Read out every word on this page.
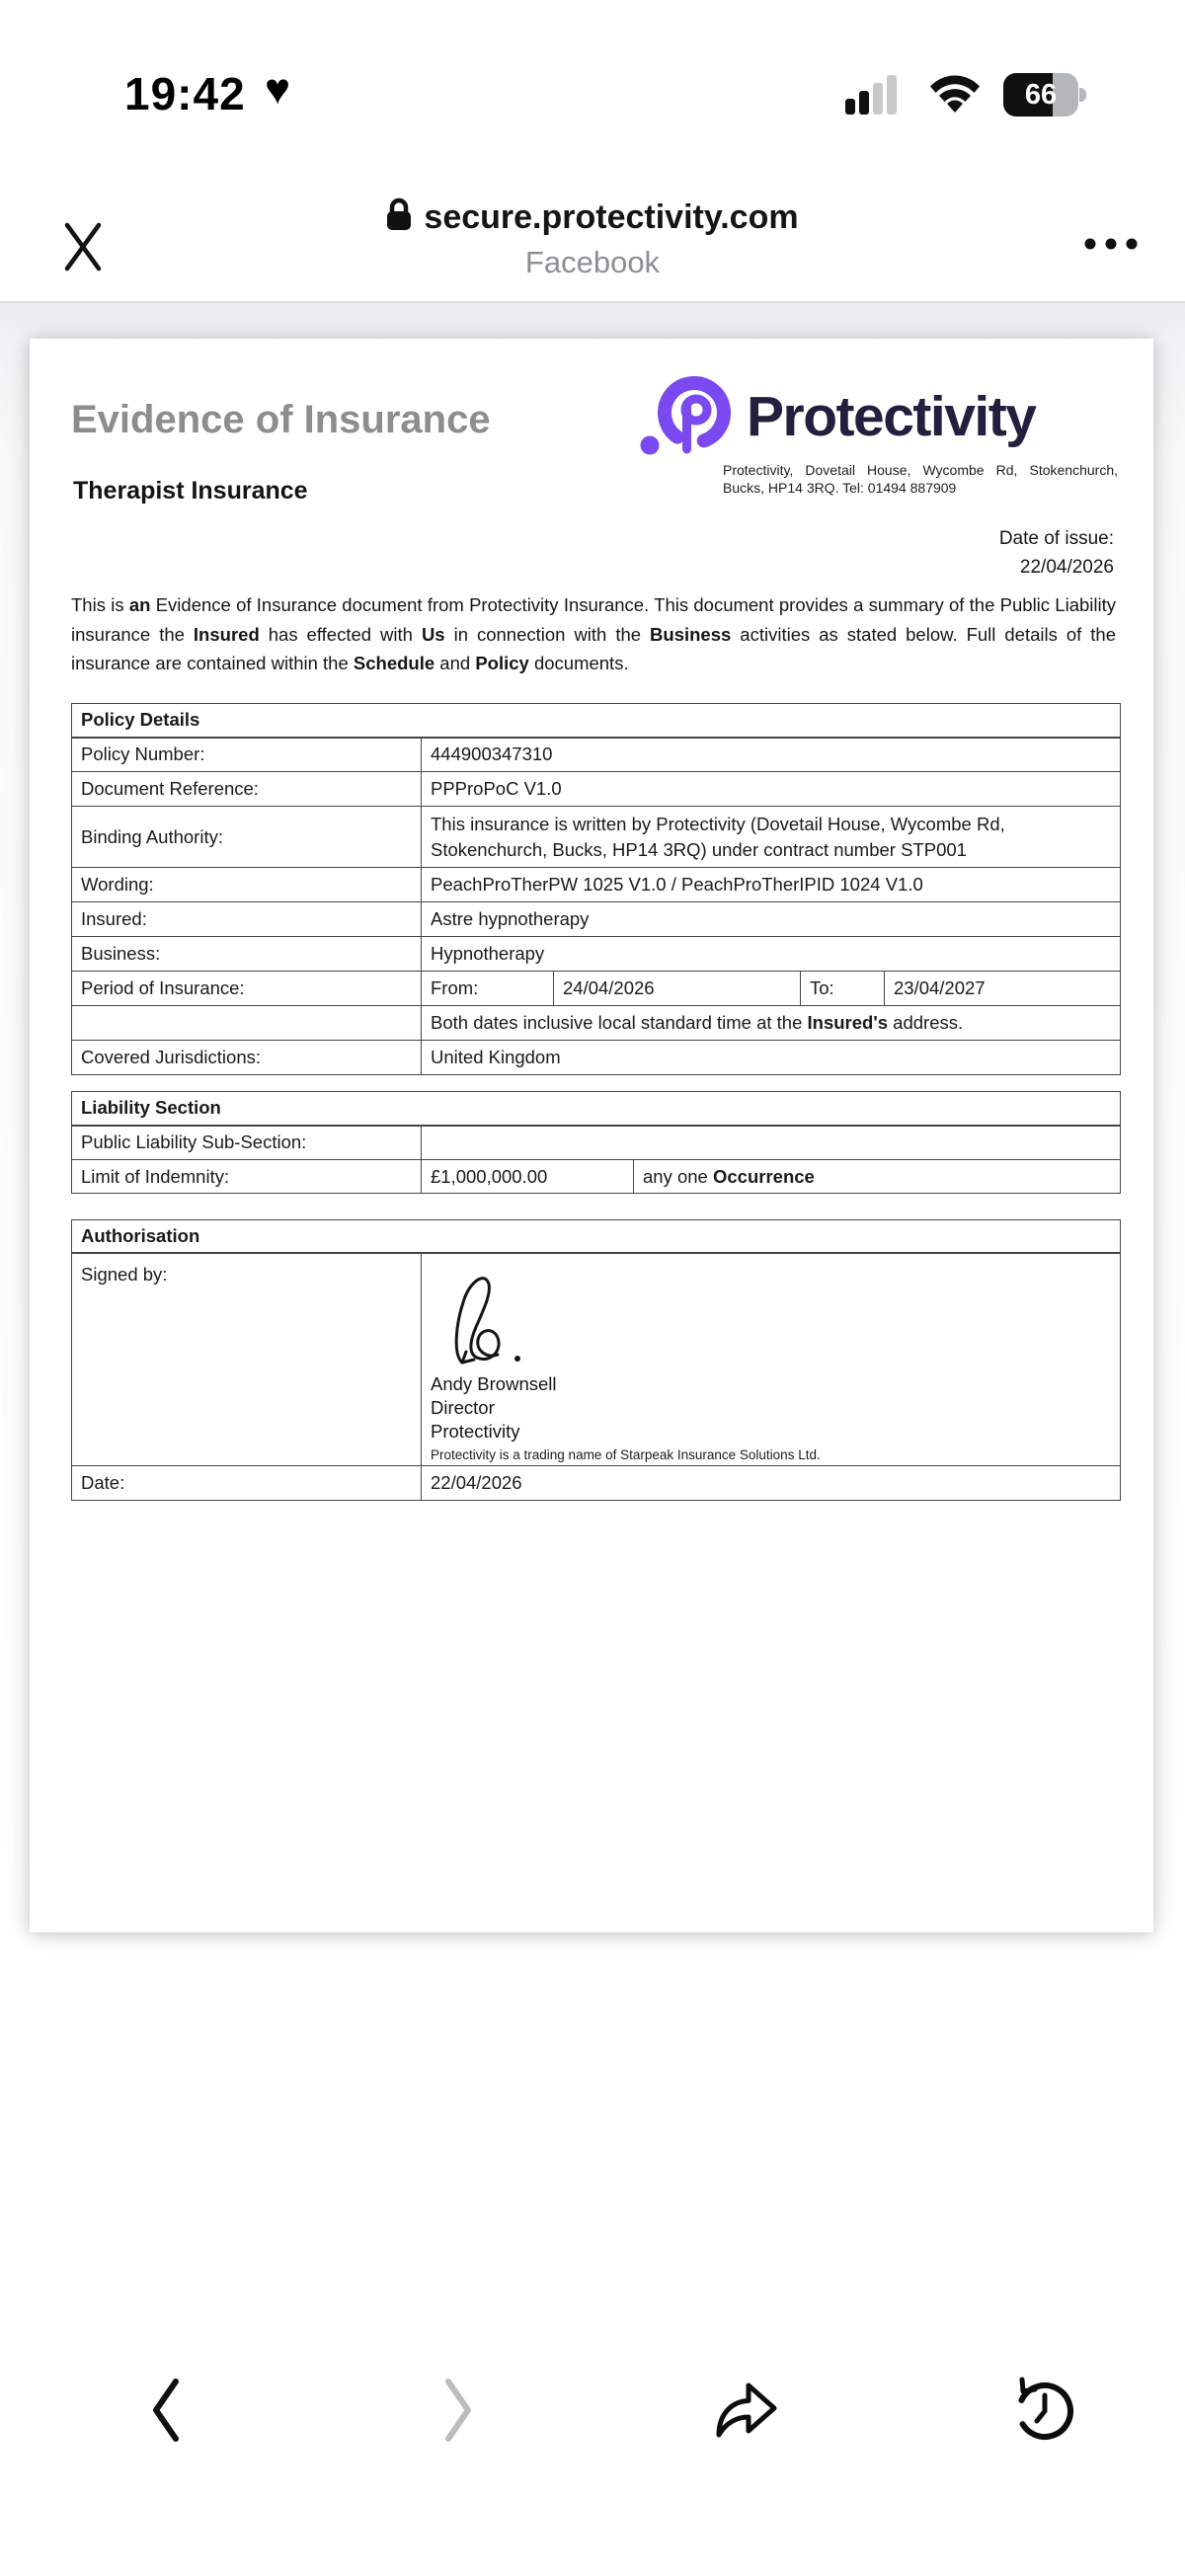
19:42 ♥	66
secure.protectivity.com
Facebook
Evidence of Insurance
Therapist Insurance
Protectivity
Protectivity, Dovetail House, Wycombe Rd, Stokenchurch, Bucks, HP14 3RQ. Tel: 01494 887909
Date of issue:
22/04/2026
This is an Evidence of Insurance document from Protectivity Insurance. This document provides a summary of the Public Liability insurance the Insured has effected with Us in connection with the Business activities as stated below. Full details of the insurance are contained within the Schedule and Policy documents.
Policy Details				
Policy Number:	444900347310			
Document Reference:	PPProPoC V1.0			
Binding Authority:	This insurance is written by Protectivity (Dovetail House, Wycombe Rd, Stokenchurch, Bucks, HP14 3RQ) under contract number STP001			
Wording:	PeachProTherPW 1025 V1.0 / PeachProTherIPID 1024 V1.0			
Insured:	Astre hypnotherapy			
Business:	Hypnotherapy			
Period of Insurance:	From:	24/04/2026	To:	23/04/2027
	Both dates inclusive local standard time at the Insured's address.			
Covered Jurisdictions:	United Kingdom			
Liability Section		
Public Liability Sub-Section:		
Limit of Indemnity:	£1,000,000.00	any one Occurrence
Authorisation	
Signed by:	Andy Brownsell
Director
Protectivity
Protectivity is a trading name of Starpeak Insurance Solutions Ltd.

Date:	22/04/2026
